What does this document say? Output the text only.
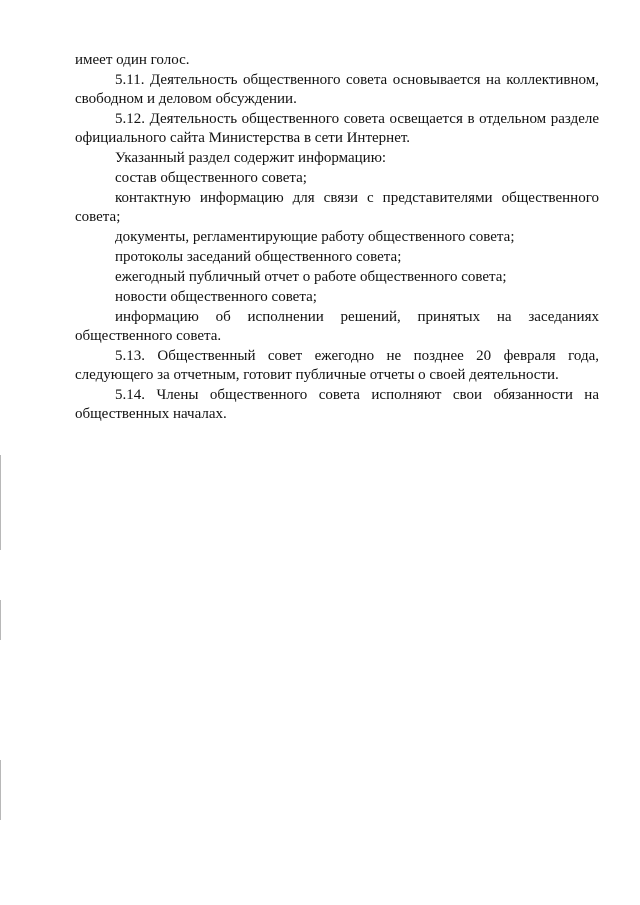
имеет один голос.

5.11. Деятельность общественного совета основывается на коллективном, свободном и деловом обсуждении.

5.12. Деятельность общественного совета освещается в отдельном разделе официального сайта Министерства в сети Интернет.

Указанный раздел содержит информацию:

состав общественного совета;

контактную информацию для связи с представителями общественного совета;

документы, регламентирующие работу общественного совета;

протоколы заседаний общественного совета;

ежегодный публичный отчет о работе общественного совета;

новости общественного совета;

информацию об исполнении решений, принятых на заседаниях общественного совета.

5.13. Общественный совет ежегодно не позднее 20 февраля года, следующего за отчетным, готовит публичные отчеты о своей деятельности.

5.14. Члены общественного совета исполняют свои обязанности на общественных началах.
